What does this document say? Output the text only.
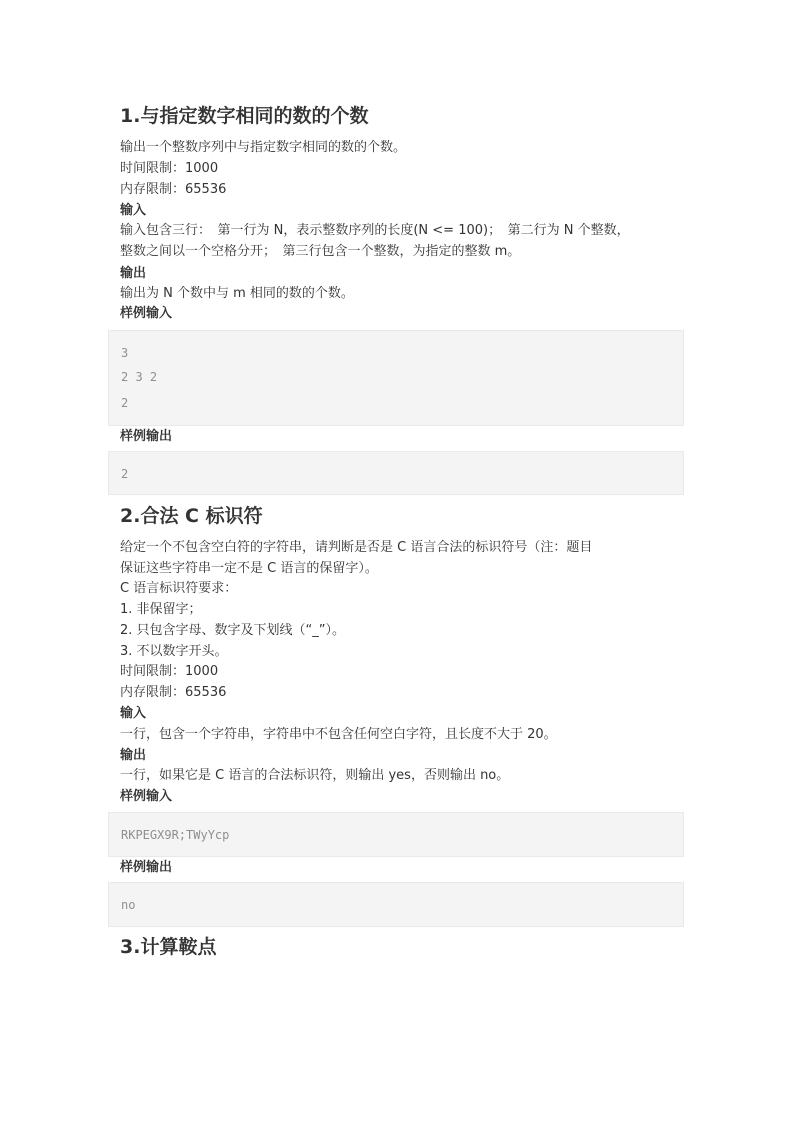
1.与指定数字相同的数的个数
输出一个整数序列中与指定数字相同的数的个数。
时间限制：1000
内存限制：65536
输入
输入包含三行：　第一行为 N，表示整数序列的长度(N <= 100)；　第二行为 N 个整数，
整数之间以一个空格分开；　第三行包含一个整数，为指定的整数 m。
输出
输出为 N 个数中与 m 相同的数的个数。
样例输入
3
2 3 2
2
样例输出
2
2.合法 C 标识符
给定一个不包含空白符的字符串，请判断是否是 C 语言合法的标识符号（注：题目
保证这些字符串一定不是 C 语言的保留字）。
C 语言标识符要求：
1. 非保留字；
2. 只包含字母、数字及下划线（“_”）。
3. 不以数字开头。
时间限制：1000
内存限制：65536
输入
一行，包含一个字符串，字符串中不包含任何空白字符，且长度不大于 20。
输出
一行，如果它是 C 语言的合法标识符，则输出 yes，否则输出 no。
样例输入
RKPEGX9R;TWyYcp
样例输出
no
3.计算鞍点
